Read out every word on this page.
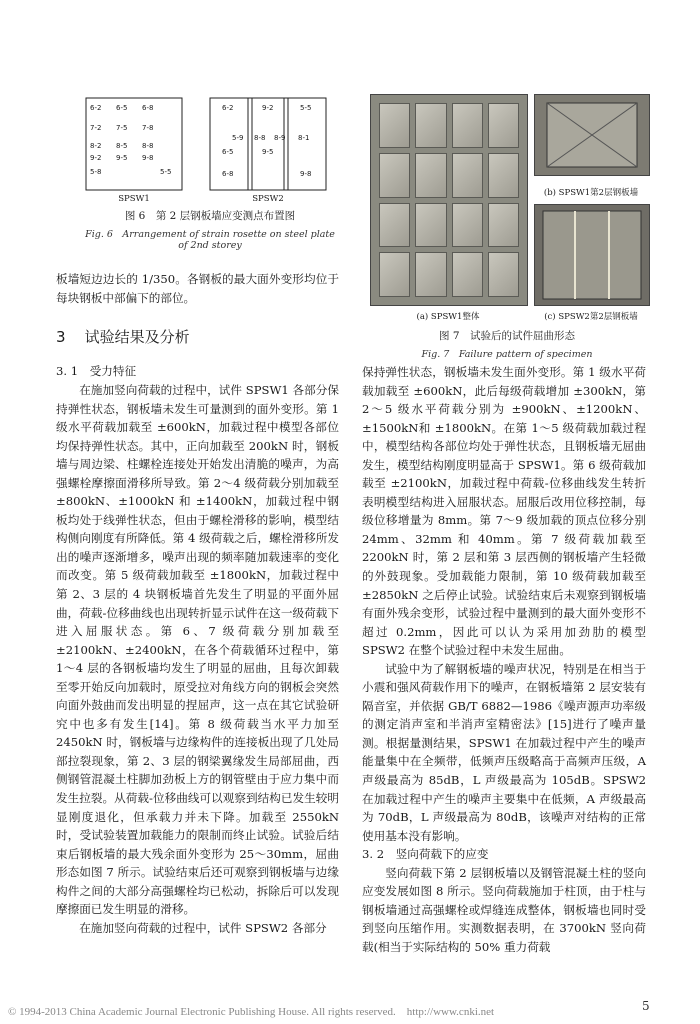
6-2 6-5 6-8
7-2 7-5 7-8
8-2 8-5 8-8
9-2 9-5 9-8
5-8	5-5
SPSW1
6-2	9-2	5-5
5-9 8-8 8-9 8-1
6-5	9-5
6-8	9-8
SPSW2
图 6　第 2 层钢板墙应变测点布置图
Fig. 6　Arrangement of strain rosette on steel plate
of 2nd storey

板墙短边边长的 1/350。各钢板的最大面外变形均位于每块钢板中部偏下的部位。

3 试验结果及分析
3. 1　受力特征

在施加竖向荷载的过程中，试件 SPSW1 各部分保持弹性状态，钢板墙未发生可量测到的面外变形。第 1 级水平荷载加载至 ±600kN，加载过程中模型各部位均保持弹性状态。其中，正向加载至 200kN 时，钢板墙与周边梁、柱螺栓连接处开始发出清脆的噪声，为高强螺栓摩擦面滑移所导致。第 2～4 级荷载分别加载至 ±800kN、±1000kN 和 ±1400kN，加载过程中钢板均处于线弹性状态，但由于螺栓滑移的影响，模型结构侧向刚度有所降低。第 4 级荷载之后，螺栓滑移所发出的噪声逐渐增多，噪声出现的频率随加载速率的变化而改变。第 5 级荷载加载至 ±1800kN，加载过程中第 2、3 层的 4 块钢板墙首先发生了明显的平面外屈曲，荷载-位移曲线也出现转折显示试件在这一级荷载下进入屈服状态。第 6、7 级荷载分别加载至 ±2100kN、±2400kN，在各个荷载循环过程中，第 1～4 层的各钢板墙均发生了明显的屈曲，且每次卸载至零开始反向加载时，原受拉对角线方向的钢板会突然向面外鼓曲而发出明显的捏屈声，这一点在其它试验研究中也多有发生[14]。第 8 级荷载当水平力加至 2450kN 时，钢板墙与边缘构件的连接板出现了几处局部拉裂现象，第 2、3 层的钢梁翼缘发生局部屈曲，西侧钢管混凝土柱脚加劲板上方的钢管壁由于应力集中而发生拉裂。从荷载-位移曲线可以观察到结构已发生较明显刚度退化，但承载力并未下降。加载至 2550kN 时，受试验装置加载能力的限制而终止试验。试验后结束后钢板墙的最大残余面外变形为 25～30mm，屈曲形态如图 7 所示。试验结束后还可观察到钢板墙与边缘构件之间的大部分高强螺栓均已松动，拆除后可以发现摩擦面已发生明显的滑移。

在施加竖向荷载的过程中，试件 SPSW2 各部分

(a) SPSW1整体
(b) SPSW1第2层钢板墙
(c) SPSW2第2层钢板墙
图 7　试验后的试件屈曲形态
Fig. 7　Failure pattern of specimen

保持弹性状态，钢板墙未发生面外变形。第 1 级水平荷载加载至 ±600kN，此后每级荷载增加 ±300kN，第 2～5 级水平荷载分别为 ±900kN、±1200kN、±1500kN和 ±1800kN。在第 1～5 级荷载加载过程中，模型结构各部位均处于弹性状态，且钢板墙无屈曲发生，模型结构刚度明显高于 SPSW1。第 6 级荷载加载至 ±2100kN，加载过程中荷载-位移曲线发生转折表明模型结构进入屈服状态。屈服后改用位移控制，每级位移增量为 8mm。第 7～9 级加载的顶点位移分别 24mm、32mm 和 40mm。第 7 级荷载加载至 2200kN 时，第 2 层和第 3 层西侧的钢板墙产生轻微的外鼓现象。受加载能力限制，第 10 级荷载加载至 ±2850kN 之后停止试验。试验结束后未观察到钢板墙有面外残余变形，试验过程中量测到的最大面外变形不超过 0.2mm，因此可以认为采用加劲肋的模型 SPSW2 在整个试验过程中未发生屈曲。

试验中为了解钢板墙的噪声状况，特别是在相当于小震和强风荷载作用下的噪声，在钢板墙第 2 层安装有隔音室，并依据 GB/T 6882—1986《噪声源声功率级的测定消声室和半消声室精密法》[15]进行了噪声量测。根据量测结果，SPSW1 在加载过程中产生的噪声能量集中在全频带，低频声压级略高于高频声压级，A 声级最高为 85dB，L 声级最高为 105dB。SPSW2 在加载过程中产生的噪声主要集中在低频，A 声级最高为 70dB，L 声级最高为 80dB，该噪声对结构的正常使用基本没有影响。

3. 2　竖向荷载下的应变

竖向荷载下第 2 层钢板墙以及钢管混凝土柱的竖向应变发展如图 8 所示。竖向荷载施加于柱顶，由于柱与钢板墙通过高强螺栓或焊缝连成整体，钢板墙也同时受到竖向压缩作用。实测数据表明，在 3700kN 竖向荷载(相当于实际结构的 50% 重力荷载

© 1994-2013 China Academic Journal Electronic Publishing House. All rights reserved.　http://www.cnki.net	5
